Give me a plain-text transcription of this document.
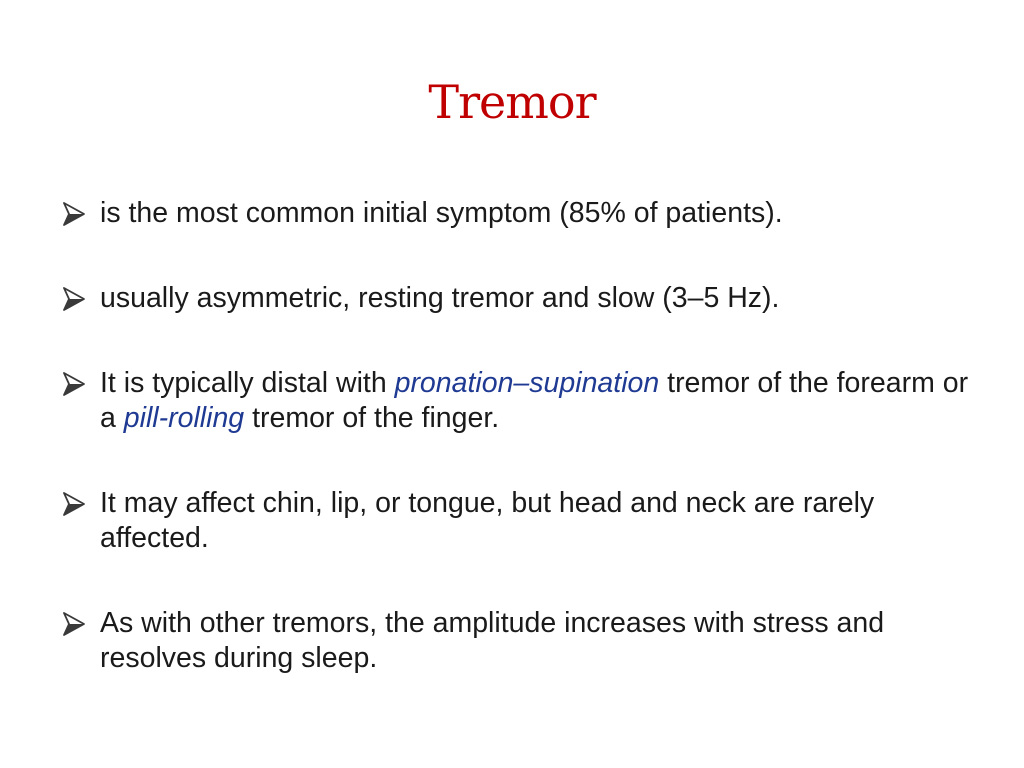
Tremor
is the most common initial symptom (85% of patients).
usually asymmetric, resting tremor and slow (3–5 Hz).
It is typically distal with pronation–supination tremor of the forearm or a pill-rolling tremor of the finger.
It may affect chin, lip, or tongue, but head and neck are rarely affected.
As with other tremors, the amplitude increases with stress and resolves during sleep.
